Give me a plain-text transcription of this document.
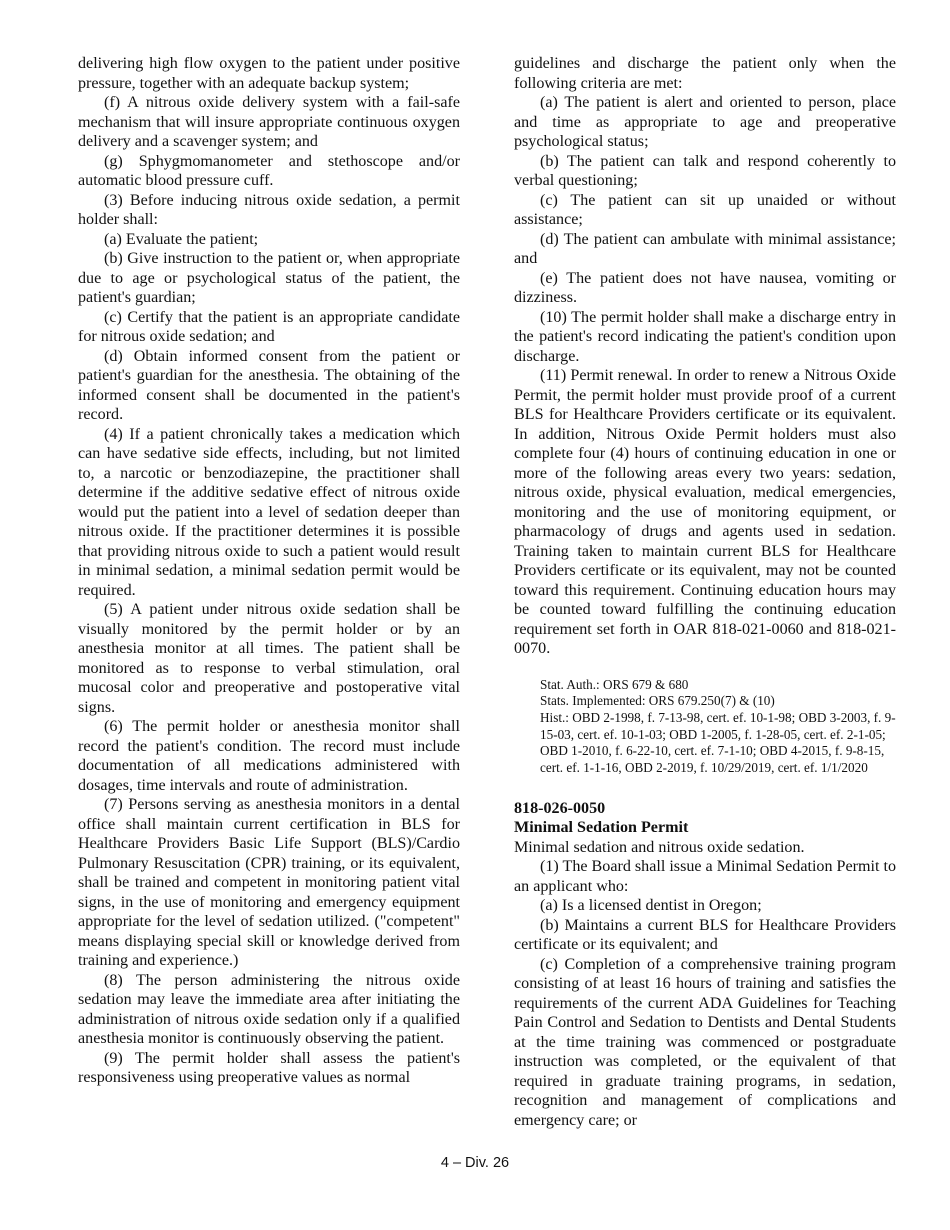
delivering high flow oxygen to the patient under positive pressure, together with an adequate backup system;

(f) A nitrous oxide delivery system with a fail-safe mechanism that will insure appropriate continuous oxygen delivery and a scavenger system; and

(g) Sphygmomanometer and stethoscope and/or automatic blood pressure cuff.

(3) Before inducing nitrous oxide sedation, a permit holder shall:

(a) Evaluate the patient;

(b) Give instruction to the patient or, when appropriate due to age or psychological status of the patient, the patient's guardian;

(c) Certify that the patient is an appropriate candidate for nitrous oxide sedation; and

(d) Obtain informed consent from the patient or patient's guardian for the anesthesia. The obtaining of the informed consent shall be documented in the patient's record.

(4) If a patient chronically takes a medication which can have sedative side effects, including, but not limited to, a narcotic or benzodiazepine, the practitioner shall determine if the additive sedative effect of nitrous oxide would put the patient into a level of sedation deeper than nitrous oxide. If the practitioner determines it is possible that providing nitrous oxide to such a patient would result in minimal sedation, a minimal sedation permit would be required.

(5) A patient under nitrous oxide sedation shall be visually monitored by the permit holder or by an anesthesia monitor at all times. The patient shall be monitored as to response to verbal stimulation, oral mucosal color and preoperative and postoperative vital signs.

(6) The permit holder or anesthesia monitor shall record the patient's condition. The record must include documentation of all medications administered with dosages, time intervals and route of administration.

(7) Persons serving as anesthesia monitors in a dental office shall maintain current certification in BLS for Healthcare Providers Basic Life Support (BLS)/Cardio Pulmonary Resuscitation (CPR) training, or its equivalent, shall be trained and competent in monitoring patient vital signs, in the use of monitoring and emergency equipment appropriate for the level of sedation utilized. ("competent" means displaying special skill or knowledge derived from training and experience.)

(8) The person administering the nitrous oxide sedation may leave the immediate area after initiating the administration of nitrous oxide sedation only if a qualified anesthesia monitor is continuously observing the patient.

(9) The permit holder shall assess the patient's responsiveness using preoperative values as normal

guidelines and discharge the patient only when the following criteria are met:

(a) The patient is alert and oriented to person, place and time as appropriate to age and preoperative psychological status;

(b) The patient can talk and respond coherently to verbal questioning;

(c) The patient can sit up unaided or without assistance;

(d) The patient can ambulate with minimal assistance; and

(e) The patient does not have nausea, vomiting or dizziness.

(10) The permit holder shall make a discharge entry in the patient's record indicating the patient's condition upon discharge.

(11) Permit renewal. In order to renew a Nitrous Oxide Permit, the permit holder must provide proof of a current BLS for Healthcare Providers certificate or its equivalent. In addition, Nitrous Oxide Permit holders must also complete four (4) hours of continuing education in one or more of the following areas every two years: sedation, nitrous oxide, physical evaluation, medical emergencies, monitoring and the use of monitoring equipment, or pharmacology of drugs and agents used in sedation. Training taken to maintain current BLS for Healthcare Providers certificate or its equivalent, may not be counted toward this requirement. Continuing education hours may be counted toward fulfilling the continuing education requirement set forth in OAR 818-021-0060 and 818-021-0070.

Stat. Auth.: ORS 679 & 680
Stats. Implemented: ORS 679.250(7) & (10)
Hist.: OBD 2-1998, f. 7-13-98, cert. ef. 10-1-98; OBD 3-2003, f. 9-15-03, cert. ef. 10-1-03; OBD 1-2005, f. 1-28-05, cert. ef. 2-1-05; OBD 1-2010, f. 6-22-10, cert. ef. 7-1-10; OBD 4-2015, f. 9-8-15, cert. ef. 1-1-16, OBD 2-2019, f. 10/29/2019, cert. ef. 1/1/2020

818-026-0050

Minimal Sedation Permit

Minimal sedation and nitrous oxide sedation.

(1) The Board shall issue a Minimal Sedation Permit to an applicant who:

(a) Is a licensed dentist in Oregon;

(b) Maintains a current BLS for Healthcare Providers certificate or its equivalent; and

(c) Completion of a comprehensive training program consisting of at least 16 hours of training and satisfies the requirements of the current ADA Guidelines for Teaching Pain Control and Sedation to Dentists and Dental Students at the time training was commenced or postgraduate instruction was completed, or the equivalent of that required in graduate training programs, in sedation, recognition and management of complications and emergency care; or

4 – Div. 26
